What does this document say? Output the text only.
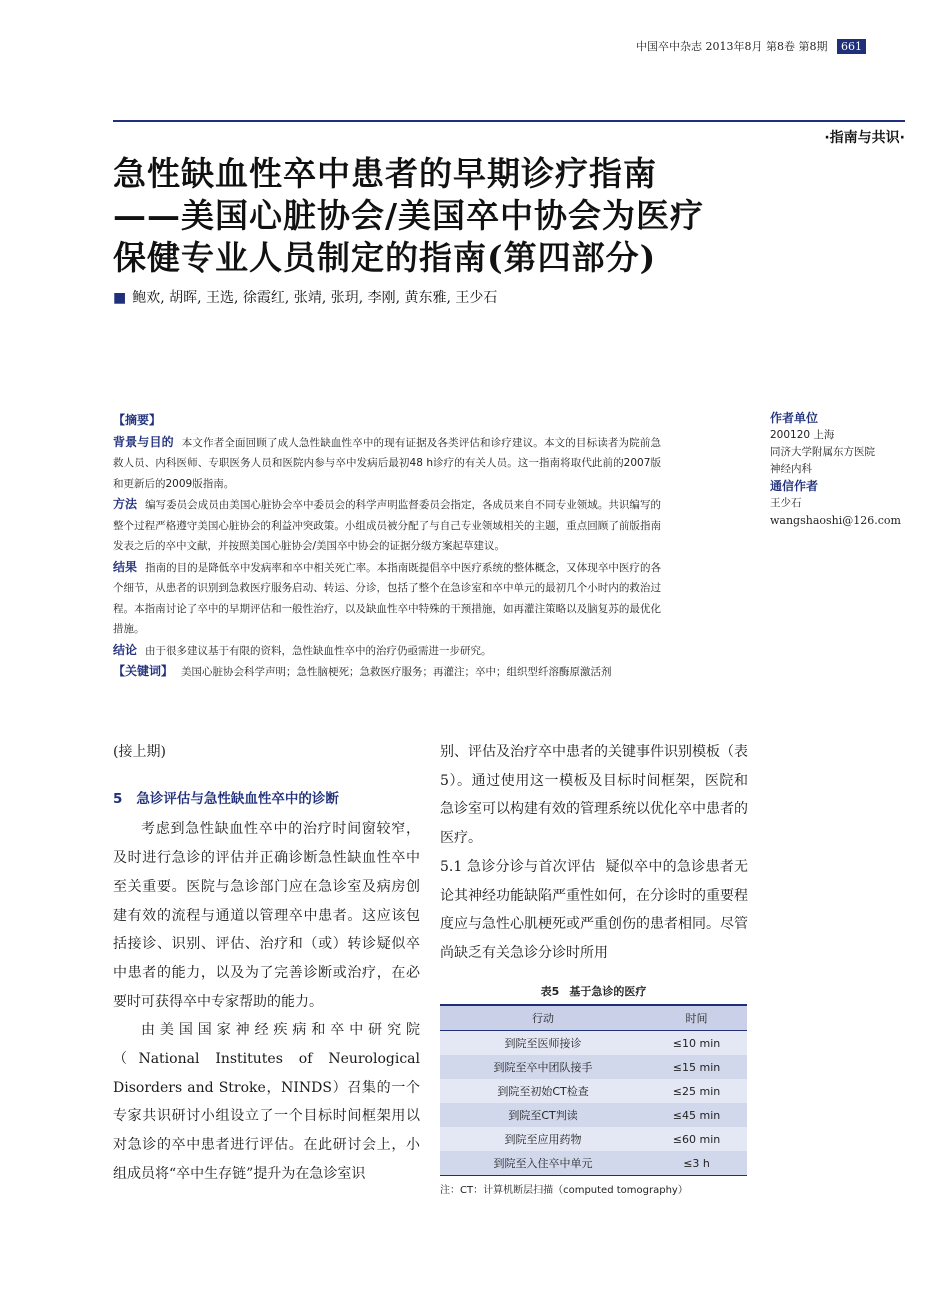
中国卒中杂志 2013年8月 第8卷 第8期 661
·指南与共识·
急性缺血性卒中患者的早期诊疗指南
——美国心脏协会/美国卒中协会为医疗
保健专业人员制定的指南(第四部分)
■ 鲍欢, 胡晖, 王选, 徐霞红, 张靖, 张玥, 李刚, 黄东雅, 王少石

【摘要】

背景与目的 本文作者全面回顾了成人急性缺血性卒中的现有证据及各类评估和诊疗建议。本文的目标读者为院前急救人员、内科医师、专职医务人员和医院内参与卒中发病后最初48 h诊疗的有关人员。这一指南将取代此前的2007版和更新后的2009版指南。

方法 编写委员会成员由美国心脏协会卒中委员会的科学声明监督委员会指定，各成员来自不同专业领域。共识编写的整个过程严格遵守美国心脏协会的利益冲突政策。小组成员被分配了与自己专业领域相关的主题，重点回顾了前版指南发表之后的卒中文献，并按照美国心脏协会/美国卒中协会的证据分级方案起草建议。

结果 指南的目的是降低卒中发病率和卒中相关死亡率。本指南既提倡卒中医疗系统的整体概念，又体现卒中医疗的各个细节，从患者的识别到急救医疗服务启动、转运、分诊，包括了整个在急诊室和卒中单元的最初几个小时内的救治过程。本指南讨论了卒中的早期评估和一般性治疗，以及缺血性卒中特殊的干预措施，如再灌注策略以及脑复苏的最优化措施。

结论 由于很多建议基于有限的资料，急性缺血性卒中的治疗仍亟需进一步研究。

【关键词】 美国心脏协会科学声明；急性脑梗死；急救医疗服务；再灌注；卒中；组织型纤溶酶原激活剂

作者单位
200120 上海
同济大学附属东方医院
神经内科
通信作者
王少石
wangshaoshi@126.com

(接上期)

5 急诊评估与急性缺血性卒中的诊断

考虑到急性缺血性卒中的治疗时间窗较窄，及时进行急诊的评估并正确诊断急性缺血性卒中至关重要。医院与急诊部门应在急诊室及病房创建有效的流程与通道以管理卒中患者。这应该包括接诊、识别、评估、治疗和（或）转诊疑似卒中患者的能力，以及为了完善诊断或治疗，在必要时可获得卒中专家帮助的能力。

由美国国家神经疾病和卒中研究院（National Institutes of Neurological Disorders and Stroke，NINDS）召集的一个专家共识研讨小组设立了一个目标时间框架用以对急诊的卒中患者进行评估。在此研讨会上，小组成员将“卒中生存链”提升为在急诊室识

别、评估及治疗卒中患者的关键事件识别模板（表5）。通过使用这一模板及目标时间框架，医院和急诊室可以构建有效的管理系统以优化卒中患者的医疗。

5.1 急诊分诊与首次评估 疑似卒中的急诊患者无论其神经功能缺陷严重性如何，在分诊时的重要程度应与急性心肌梗死或严重创伤的患者相同。尽管尚缺乏有关急诊分诊时所用

表5 基于急诊的医疗
行动	时间
到院至医师接诊	≤10 min
到院至卒中团队接手	≤15 min
到院至初始CT检查	≤25 min
到院至CT判读	≤45 min
到院至应用药物	≤60 min
到院至入住卒中单元	≤3 h
注：CT：计算机断层扫描（computed tomography）
